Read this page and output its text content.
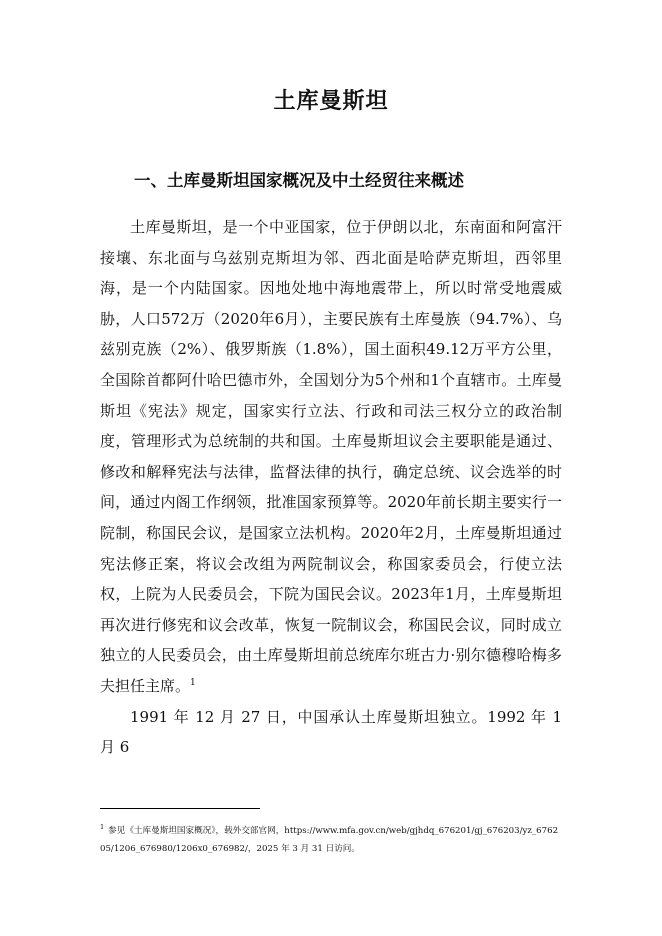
土库曼斯坦
一、土库曼斯坦国家概况及中土经贸往来概述

土库曼斯坦，是一个中亚国家，位于伊朗以北，东南面和阿富汗接壤、东北面与乌兹别克斯坦为邻、西北面是哈萨克斯坦，西邻里海，是一个内陆国家。因地处地中海地震带上，所以时常受地震威胁，人口572万（2020年6月），主要民族有土库曼族（94.7%）、乌兹别克族（2%）、俄罗斯族（1.8%），国土面积49.12万平方公里，全国除首都阿什哈巴德市外，全国划分为5个州和1个直辖市。土库曼斯坦《宪法》规定，国家实行立法、行政和司法三权分立的政治制度，管理形式为总统制的共和国。土库曼斯坦议会主要职能是通过、修改和解释宪法与法律，监督法律的执行，确定总统、议会选举的时间，通过内阁工作纲领，批准国家预算等。2020年前长期主要实行一院制，称国民会议，是国家立法机构。2020年2月，土库曼斯坦通过宪法修正案，将议会改组为两院制议会，称国家委员会，行使立法权，上院为人民委员会，下院为国民会议。2023年1月，土库曼斯坦再次进行修宪和议会改革，恢复一院制议会，称国民会议，同时成立独立的人民委员会，由土库曼斯坦前总统库尔班古力·别尔德穆哈梅多夫担任主席。$^1$

1991 年 12 月 27 日，中国承认土库曼斯坦独立。1992 年 1 月 6

$^1$ 参见《土库曼斯坦国家概况》，载外交部官网，https://www.mfa.gov.cn/web/gjhdq_676201/gj_676203/yz_676205/1206_676980/1206x0_676982/，2025 年 3 月 31 日访问。
